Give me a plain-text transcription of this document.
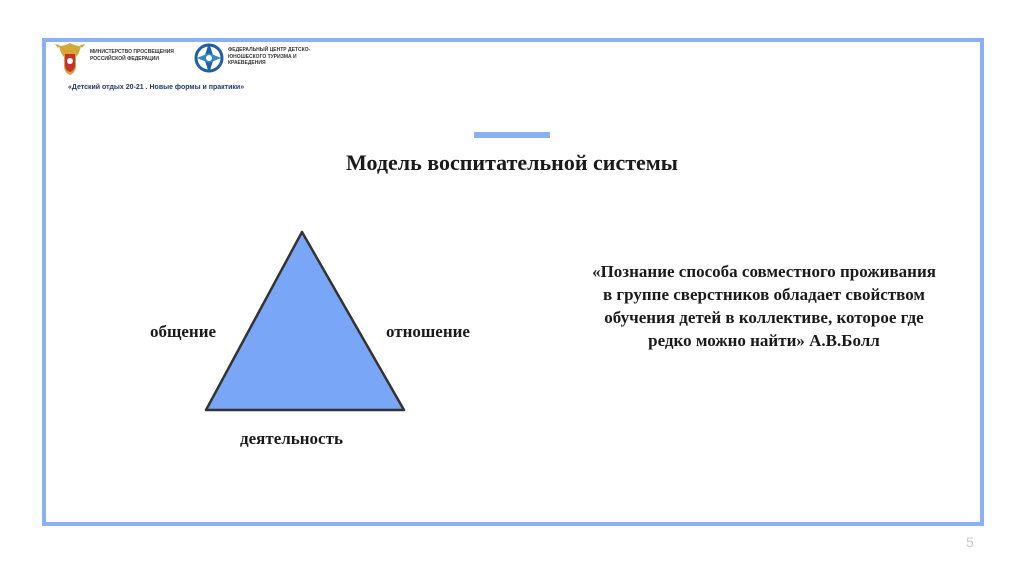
МИНИСТЕРСТВО ПРОСВЕЩЕНИЯ РОССИЙСКОЙ ФЕДЕРАЦИИ
ФЕДЕРАЛЬНЫЙ ЦЕНТР ДЕТСКО-ЮНОШЕСКОГО ТУРИЗМА И КРАЕВЕДЕНИЯ
«Детский отдых 20-21 . Новые формы и практики»
Модель воспитательной системы
общение	отношение
деятельность
«Познание способа совместного проживания в группе сверстников обладает свойством обучения детей в коллективе, которое где редко можно найти» А.В.Болл
5
